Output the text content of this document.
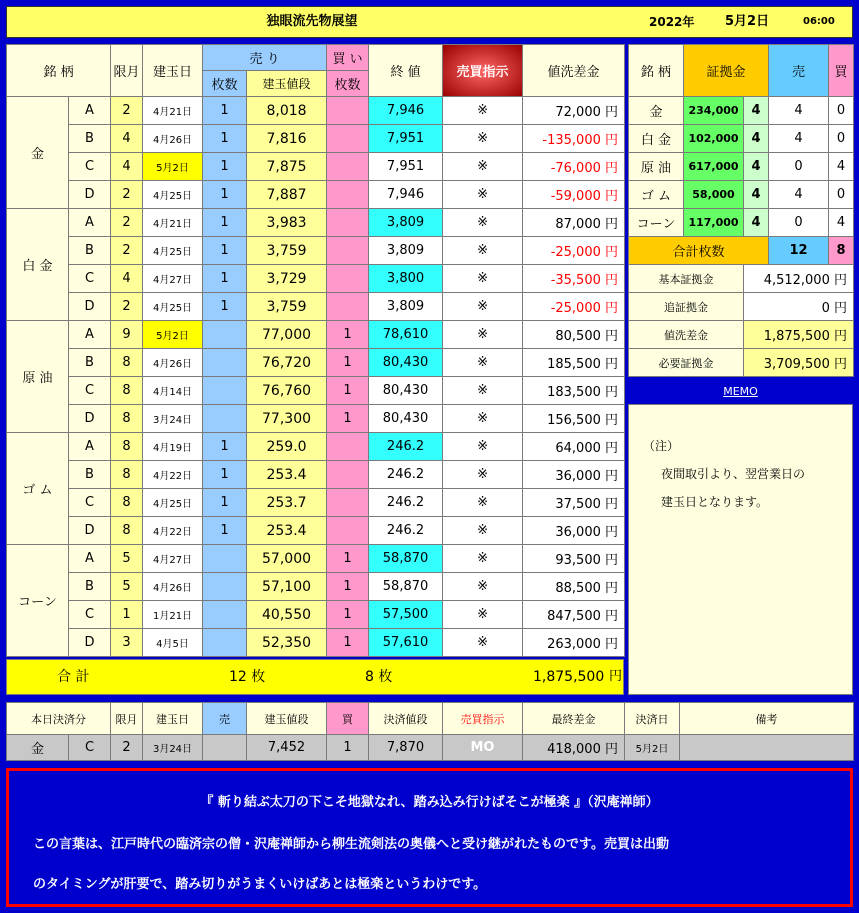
独眼流先物展望	2022年 5月2日	06:00
銘 柄		限月	建玉日	売 り		買 い	終 値	売買指示	値洗差金
				枚数	建玉値段	枚数			
金	A	2	4月21日	1	8,018		7,946	※	72,000 円
	B	4	4月26日	1	7,816		7,951	※	-135,000 円
	C	4	5月2日	1	7,875		7,951	※	-76,000 円
	D	2	4月25日	1	7,887		7,946	※	-59,000 円
白 金	A	2	4月21日	1	3,983		3,809	※	87,000 円
	B	2	4月25日	1	3,759		3,809	※	-25,000 円
	C	4	4月27日	1	3,729		3,800	※	-35,500 円
	D	2	4月25日	1	3,759		3,809	※	-25,000 円
原 油	A	9	5月2日		77,000	1	78,610	※	80,500 円
	B	8	4月26日		76,720	1	80,430	※	185,500 円
	C	8	4月14日		76,760	1	80,430	※	183,500 円
	D	8	3月24日		77,300	1	80,430	※	156,500 円
ゴ ム	A	8	4月19日	1	259.0		246.2	※	64,000 円
	B	8	4月22日	1	253.4		246.2	※	36,000 円
	C	8	4月25日	1	253.7		246.2	※	37,500 円
	D	8	4月22日	1	253.4		246.2	※	36,000 円
コーン	A	5	4月27日		57,000	1	58,870	※	93,500 円
	B	5	4月26日		57,100	1	58,870	※	88,500 円
	C	1	1月21日		40,550	1	57,500	※	847,500 円
	D	3	4月5日		52,350	1	57,610	※	263,000 円
合 計	12 枚	8 枚	1,875,500 円
銘 柄	証拠金		売	買
金	234,000	4	4	0
白 金	102,000	4	4	0
原 油	617,000	4	0	4
ゴ ム	58,000	4	4	0
コーン	117,000	4	0	4
合計枚数			12	8
基本証拠金		4,512,000 円		
追証拠金		0 円		
値洗差金		1,875,500 円		
必要証拠金		3,709,500 円		
MEMO
（注）
夜間取引より、翌営業日の
建玉日となります。
本日決済分		限月	建玉日	売	建玉値段	買	決済値段	売買指示	最終差金	決済日	備考
金	C	2	3月24日		7,452	1	7,870	MO	418,000 円	5月2日	
『 斬り結ぶ太刀の下こそ地獄なれ、踏み込み行けばそこが極楽 』（沢庵禅師）
この言葉は、江戸時代の臨済宗の僧・沢庵禅師から柳生流剣法の奥儀へと受け継がれたものです。売買は出動
のタイミングが肝要で、踏み切りがうまくいけばあとは極楽というわけです。
